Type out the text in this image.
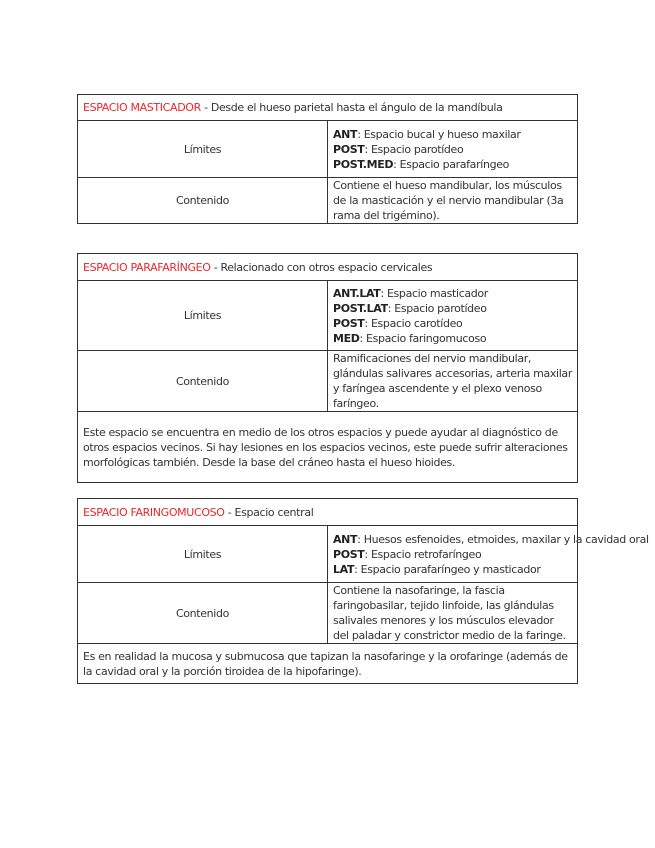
ESPACIO MASTICADOR - Desde el hueso parietal hasta el ángulo de la mandíbula	
Límites	ANT: Espacio bucal y hueso maxilar
POST: Espacio parotídeo
POST.MED: Espacio parafaríngeo

Contenido	Contiene el hueso mandibular, los músculos de la masticación y el nervio mandibular (3a rama del trigémino).
ESPACIO PARAFARÍNGEO - Relacionado con otros espacio cervicales	
Límites	ANT.LAT: Espacio masticador
POST.LAT: Espacio parotídeo
POST: Espacio carotídeo
MED: Espacio faringomucoso

Contenido	Ramificaciones del nervio mandibular, glándulas salivares accesorias, arteria maxilar y faríngea ascendente y el plexo venoso faríngeo.
Este espacio se encuentra en medio de los otros espacios y puede ayudar al diagnóstico de otros espacios vecinos. Si hay lesiones en los espacios vecinos, este puede sufrir alteraciones morfológicas también. Desde la base del cráneo hasta el hueso hioides.	
ESPACIO FARINGOMUCOSO - Espacio central	
Límites	ANT: Huesos esfenoides, etmoides, maxilar y la cavidad oral
POST: Espacio retrofaríngeo
LAT: Espacio parafaríngeo y masticador

Contenido	Contiene la nasofaringe, la fascia faringobasilar, tejido linfoide, las glándulas salivales menores y los músculos elevador del paladar y constrictor medio de la faringe.
Es en realidad la mucosa y submucosa que tapizan la nasofaringe y la orofaringe (además de la cavidad oral y la porción tiroidea de la hipofaringe).	
